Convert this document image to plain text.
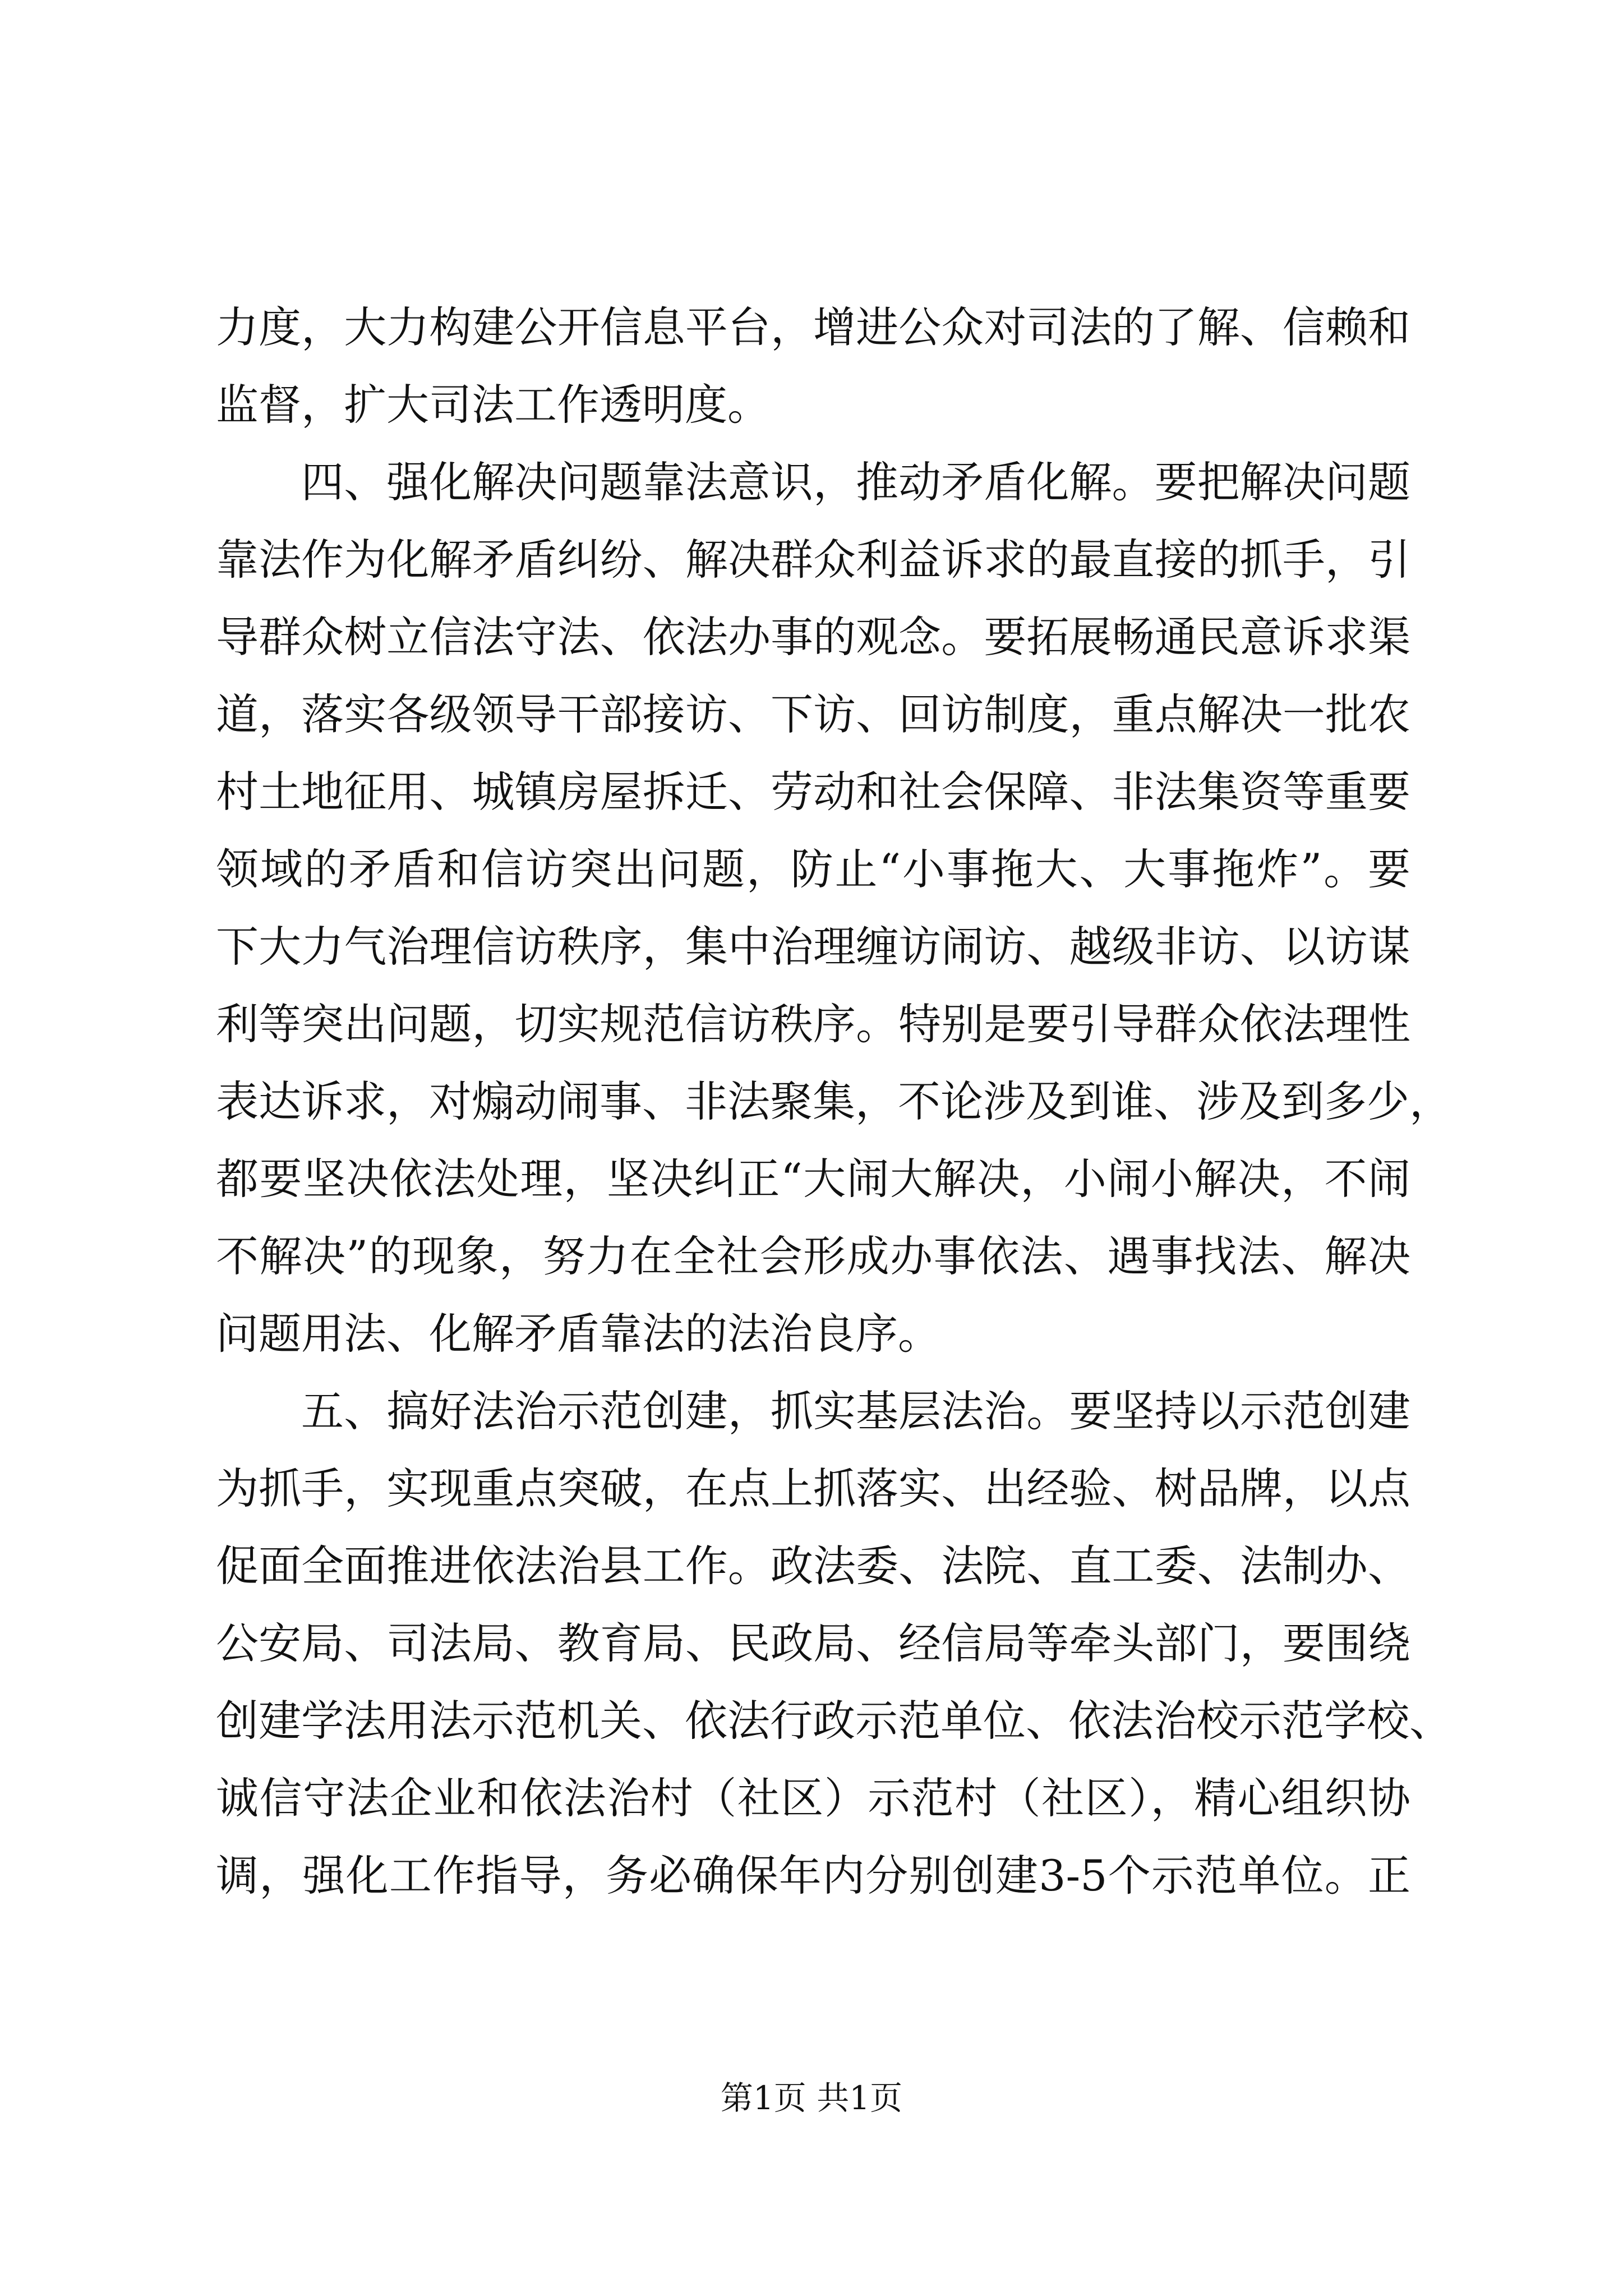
力度，大力构建公开信息平台，增进公众对司法的了解、信赖和
监督，扩大司法工作透明度。
四、强化解决问题靠法意识，推动矛盾化解。要把解决问题
靠法作为化解矛盾纠纷、解决群众利益诉求的最直接的抓手，引
导群众树立信法守法、依法办事的观念。要拓展畅通民意诉求渠
道，落实各级领导干部接访、下访、回访制度，重点解决一批农
村土地征用、城镇房屋拆迁、劳动和社会保障、非法集资等重要
领域的矛盾和信访突出问题，防止“小事拖大、大事拖炸”。要
下大力气治理信访秩序，集中治理缠访闹访、越级非访、以访谋
利等突出问题，切实规范信访秩序。特别是要引导群众依法理性
表达诉求，对煽动闹事、非法聚集，不论涉及到谁、涉及到多少，
都要坚决依法处理，坚决纠正“大闹大解决，小闹小解决，不闹
不解决”的现象，努力在全社会形成办事依法、遇事找法、解决
问题用法、化解矛盾靠法的法治良序。
五、搞好法治示范创建，抓实基层法治。要坚持以示范创建
为抓手，实现重点突破，在点上抓落实、出经验、树品牌，以点
促面全面推进依法治县工作。政法委、法院、直工委、法制办、
公安局、司法局、教育局、民政局、经信局等牵头部门，要围绕
创建学法用法示范机关、依法行政示范单位、依法治校示范学校、
诚信守法企业和依法治村（社区）示范村（社区），精心组织协
调，强化工作指导，务必确保年内分别创建3-5个示范单位。正
第1页 共1页
